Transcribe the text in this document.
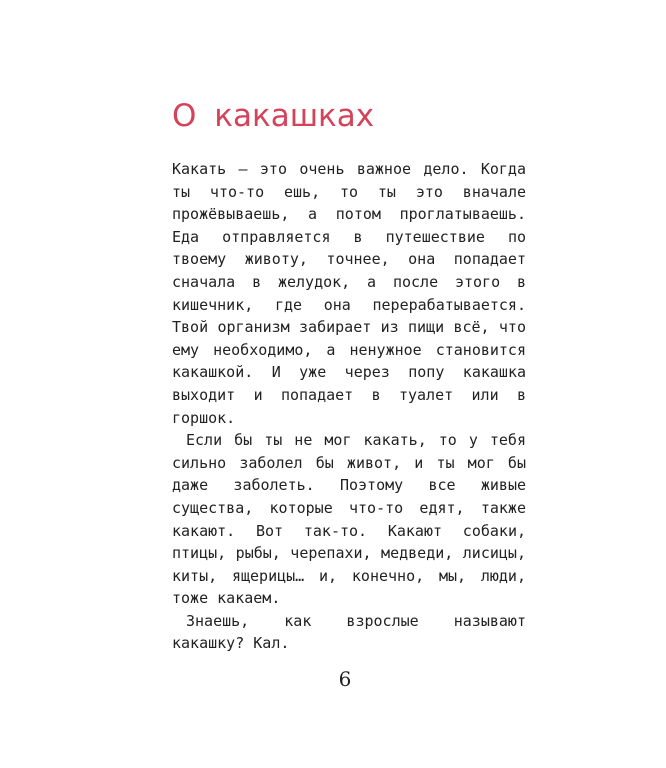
О какашках

Какать — это очень важное дело. Когда ты что-то ешь, то ты это вначале прожёвываешь, а потом проглатываешь. Еда отправляется в путешествие по твоему животу, точнее, она попадает сначала в желудок, а после этого в кишечник, где она перерабатывается. Твой организм забирает из пищи всё, что ему необходимо, а ненужное становится какашкой. И уже через попу какашка выходит и попадает в туалет или в горшок.

Если бы ты не мог какать, то у тебя сильно заболел бы живот, и ты мог бы даже заболеть. Поэтому все живые существа, которые что-то едят, также какают. Вот так-то. Какают собаки, птицы, рыбы, черепахи, медведи, лисицы, киты, ящерицы… и, конечно, мы, люди, тоже какаем.

Знаешь, как взрослые называют какашку? Кал.

6
